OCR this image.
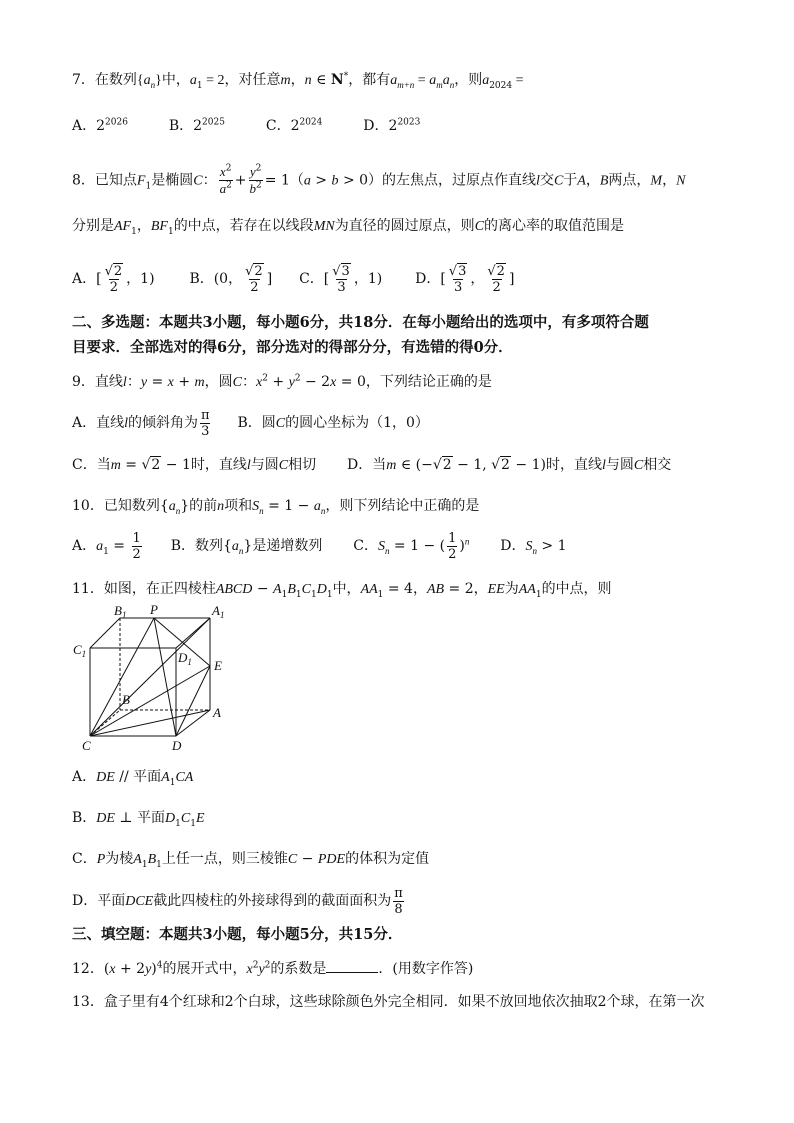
7．在数列$\{a_n\}$中，$a_1 = 2$，对任意m，n ∈ N*，都有$a_{m+n} = a_ma_n$，则$a_{2024}$ =
A．$2^{2026}$	B．$2^{2025}$	C．$2^{2024}$	D．$2^{2023}$
8．已知点$F_1$是椭圆C： $\frac{x^2}{a^2} + \frac{y^2}{b^2} = 1(a > b > 0)$的左焦点，过原点作直线l交C于A，B两点，M，N
分别是$AF_1$，$BF_1$的中点，若存在以线段MN为直径的圆过原点，则C的离心率的取值范围是
A．[ $\frac{√2}{2}$ ，1) B．(0， $\frac{√2}{2}$ ] C．[ $\frac{√3}{3}$ ，1) D．[ $\frac{√3}{3}$ ， $\frac{√2}{2}$ ]
二、多选题：本题共3小题，每小题6分，共18分．在每小题给出的选项中，有多项符合题
目要求．全部选对的得6分，部分选对的得部分分，有选错的得0分．
9．直线l：y = x + m，圆C：$x^2 + y^2 - 2x = 0$，下列结论正确的是
A．直线l的倾斜角为 $\frac{\pi}{3}$ B．圆C的圆心坐标为（1，0）
C．当m = √2 − 1时，直线l与圆C相切 D．当m ∈ (−√2 − 1, √2 − 1)时，直线l与圆C相交
10．已知数列$\{a_n\}$的前n项和$S_n = 1 - a_n$，则下列结论中正确的是
A．$a_1 = \frac{1}{2}$ B．数列$\{a_n\}$是递增数列 C．$S_n = 1$ − ( $\frac{1}{2} )^n$ D．$S_n > 1$
11．如图，在正四棱柱ABCD − $A_1B_1C_1D_1$中，$AA_1 = 4$，AB = 2，EE为$AA_1$的中点，则
$B_1$ P	$A_1$
$C_1$	$D_1$ E
B
A
C	D
A．DE // 平面$A_1CA$
B．DE ⊥ 平面$D_1C_1E$
C．P为棱$A_1B_1$上任一点，则三棱锥C − PDE的体积为定值
D．平面DCE截此四棱柱的外接球得到的截面面积为 $\frac{\pi}{8}$
三、填空题：本题共3小题，每小题5分，共15分．
12．$(x + 2y)^4$的展开式中，$x^2y^2$的系数是	．(用数字作答)
13．盒子里有4个红球和2个白球，这些球除颜色外完全相同．如果不放回地依次抽取2个球，在第一次
